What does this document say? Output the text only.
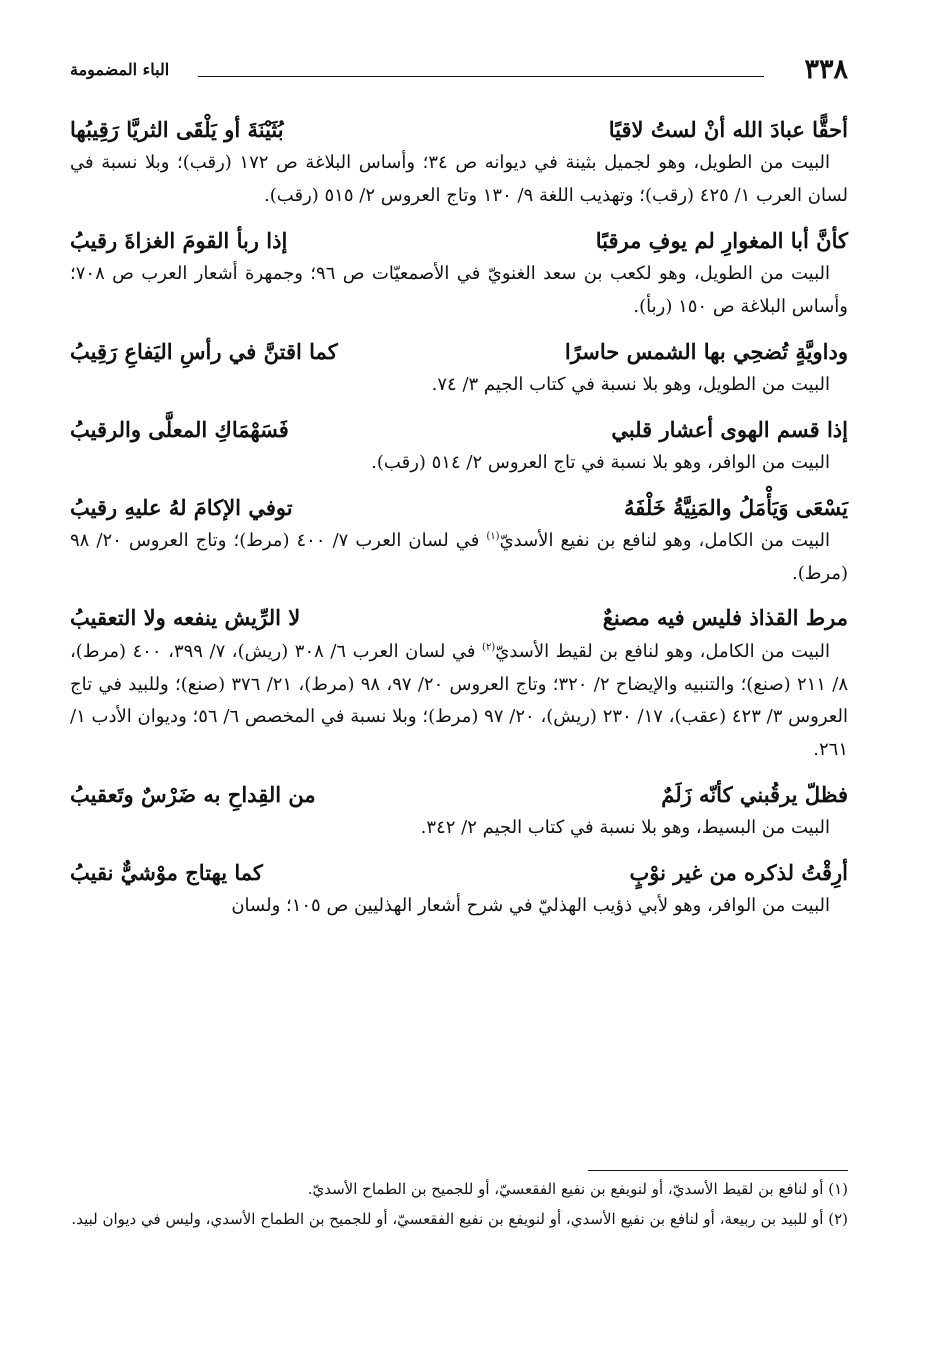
٣٣٨
الباء المضمومة
أحقًّا عبادَ الله أنْ لستُ لاقيًا
بُثَيْنَةَ أو يَلْقَى الثريَّا رَقِيبُها

البيت من الطويل، وهو لجميل بثينة في ديوانه ص ٣٤؛ وأساس البلاغة ص ١٧٢ (رقب)؛ وبلا نسبة في لسان العرب ١/ ٤٢٥ (رقب)؛ وتهذيب اللغة ٩/ ١٣٠ وتاج العروس ٢/ ٥١٥ (رقب).

كأنَّ أبا المغوارِ لم يوفِ مرقبًا
إذا ربأ القومَ الغزاةَ رقيبُ

البيت من الطويل، وهو لكعب بن سعد الغنويّ في الأصمعيّات ص ٩٦؛ وجمهرة أشعار العرب ص ٧٠٨؛ وأساس البلاغة ص ١٥٠ (ربأ).

وداويَّةٍ تُضحِي بها الشمس حاسرًا
كما اقتنَّ في رأسِ اليَفاعِ رَقِيبُ

البيت من الطويل، وهو بلا نسبة في كتاب الجيم ٣/ ٧٤.

إذا قسم الهوى أعشار قلبي
فَسَهْمَاكِ المعلَّى والرقيبُ

البيت من الوافر، وهو بلا نسبة في تاج العروس ٢/ ٥١٤ (رقب).

يَسْعَى وَيَأْمَلُ والمَنِيَّةُ خَلْفَهُ
توفي الإكامَ لهُ عليهِ رقيبُ

البيت من الكامل، وهو لنافع بن نفيع الأسديّ$^{(١)}$ في لسان العرب ٧/ ٤٠٠ (مرط)؛ وتاج العروس ٢٠/ ٩٨ (مرط).

مرط القذاذ فليس فيه مصنعٌ
لا الرِّيش ينفعه ولا التعقيبُ

البيت من الكامل، وهو لنافع بن لقيط الأسديّ$^{(٢)}$ في لسان العرب ٦/ ٣٠٨ (ريش)، ٧/ ٣٩٩، ٤٠٠ (مرط)، ٨/ ٢١١ (صنع)؛ والتنبيه والإيضاح ٢/ ٣٢٠؛ وتاج العروس ٢٠/ ٩٧، ٩٨ (مرط)، ٢١/ ٣٧٦ (صنع)؛ وللبيد في تاج العروس ٣/ ٤٢٣ (عقب)، ١٧/ ٢٣٠ (ريش)، ٢٠/ ٩٧ (مرط)؛ وبلا نسبة في المخصص ٦/ ٥٦؛ وديوان الأدب ١/ ٢٦١.

فظلّ يرقُبني كأنّه زَلَمٌ
من القِداحِ به ضَرْسٌ وتَعقيبُ

البيت من البسيط، وهو بلا نسبة في كتاب الجيم ٢/ ٣٤٢.

أرِقْتُ لذكره من غير نوْبٍ
كما يهتاج موْشيٌّ نقيبُ

البيت من الوافر، وهو لأبي ذؤيب الهذليّ في شرح أشعار الهذليين ص ١٠٥؛ ولسان

(١) أو لنافع بن لقيط الأسديّ، أو لنويفع بن نفيع الفقعسيّ، أو للجميح بن الطماح الأسديّ.

(٢) أو للبيد بن ربيعة، أو لنافع بن نفيع الأسدي، أو لنويفع بن نفيع الفقعسيّ، أو للجميح بن الطماح الأسدي، وليس في ديوان لبيد.
